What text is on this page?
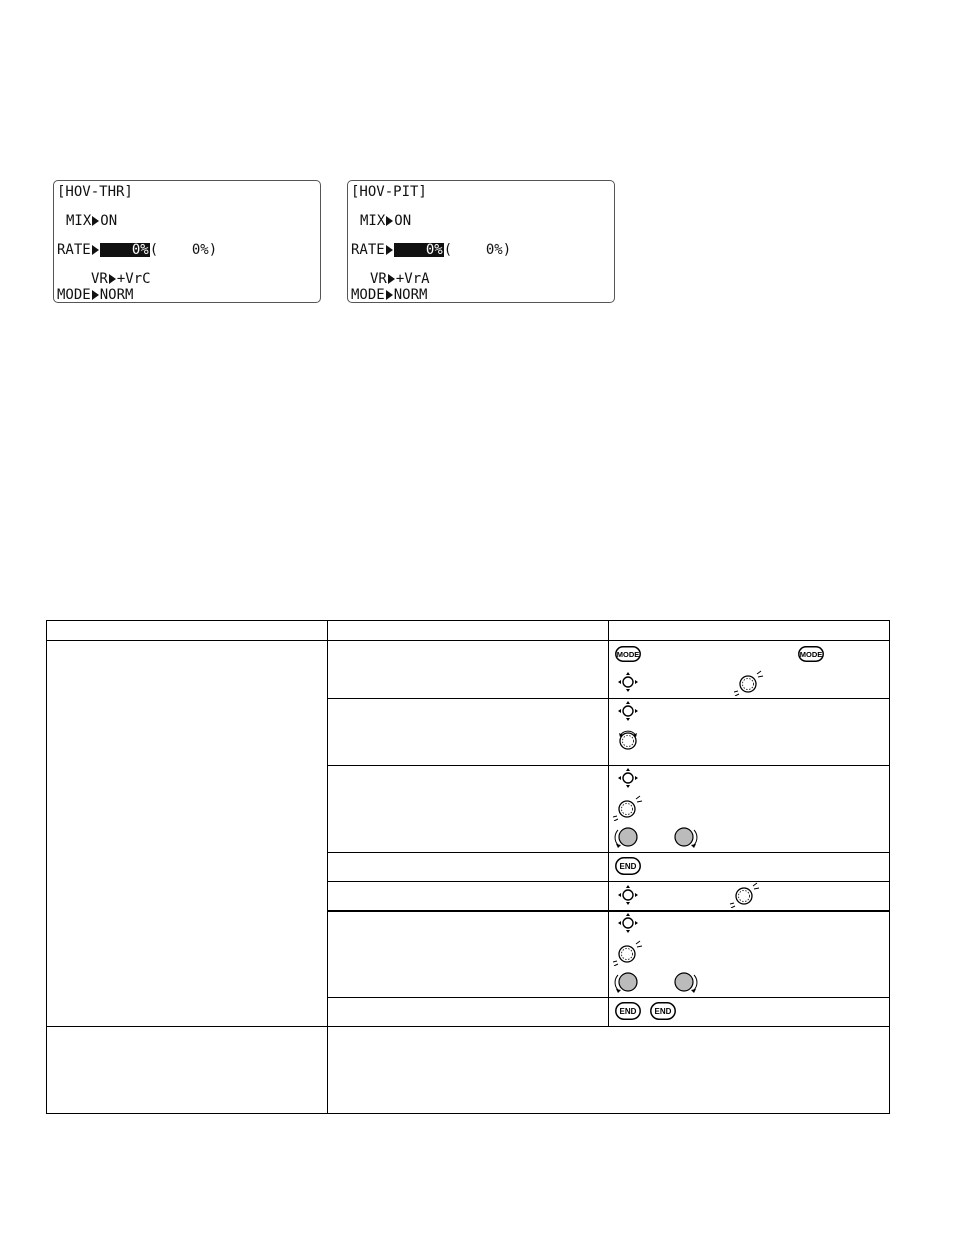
[HOV-THR]
MIX ON
RATE	0%(    0%)
VR +VrC
MODE NORM
[HOV-PIT]
MIX ON
RATE	0%(    0%)
VR +VrA
MODE NORM
MODE	MODE
END
END END
